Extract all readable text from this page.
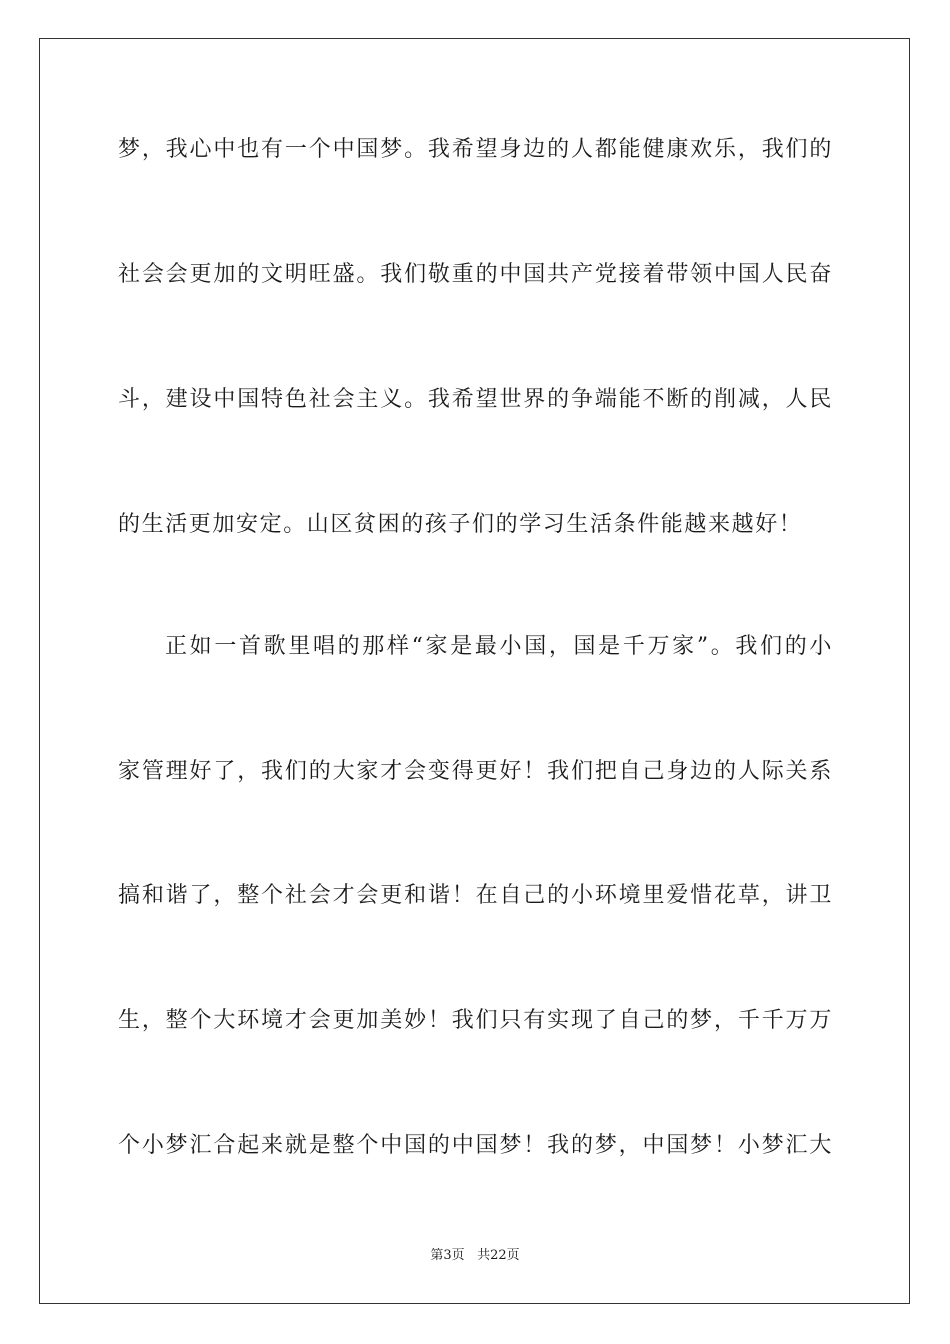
梦，我心中也有一个中国梦。我希望身边的人都能健康欢乐，我们的
社会会更加的文明旺盛。我们敬重的中国共产党接着带领中国人民奋
斗，建设中国特色社会主义。我希望世界的争端能不断的削减，人民
的生活更加安定。山区贫困的孩子们的学习生活条件能越来越好！
正如一首歌里唱的那样“家是最小国，国是千万家”。我们的小
家管理好了，我们的大家才会变得更好！我们把自己身边的人际关系
搞和谐了，整个社会才会更和谐！在自己的小环境里爱惜花草，讲卫
生，整个大环境才会更加美妙！我们只有实现了自己的梦，千千万万
个小梦汇合起来就是整个中国的中国梦！我的梦，中国梦！小梦汇大
第3页 共22页
